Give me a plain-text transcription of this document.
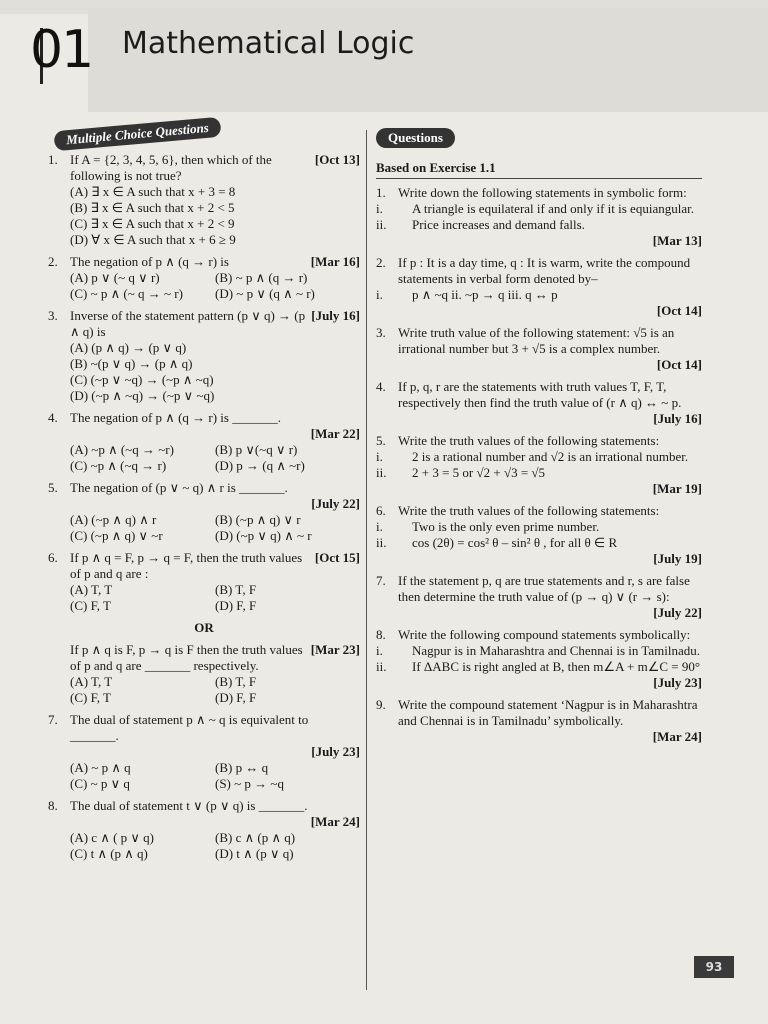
01 Mathematical Logic
Multiple Choice Questions	Questions
1.	[Oct 13]
If A = {2, 3, 4, 5, 6}, then which of the following is not true?
(A) ∃ x ∈ A such that x + 3 = 8
(B) ∃ x ∈ A such that x + 2 < 5
(C) ∃ x ∈ A such that x + 2 < 9
(D) ∀ x ∈ A such that x + 6 ≥ 9
2.	[Mar 16]
The negation of p ∧ (q → r) is
(A) p ∨ (~ q ∨ r)	(B) ~ p ∧ (q → r)
(C) ~ p ∧ (~ q → ~ r)	(D) ~ p ∨ (q ∧ ~ r)
3.	[July 16]
Inverse of the statement pattern (p ∨ q) → (p ∧ q) is
(A) (p ∧ q) → (p ∨ q)
(B) ~(p ∨ q) → (p ∧ q)
(C) (~p ∨ ~q) → (~p ∧ ~q)
(D) (~p ∧ ~q) → (~p ∨ ~q)
4. The negation of p ∧ (q → r) is _______.
[Mar 22]
(A) ~p ∧ (~q → ~r)	(B) p ∨(~q ∨ r)
(C) ~p ∧ (~q → r)	(D) p → (q ∧ ~r)
5. The negation of (p ∨ ~ q) ∧ r is _______.
[July 22]
(A) (~p ∧ q) ∧ r	(B) (~p ∧ q) ∨ r
(C) (~p ∧ q) ∨ ~r	(D) (~p ∨ q) ∧ ~ r
6.	[Oct 15]
If p ∧ q = F, p → q = F, then the truth values of p and q are :
(A) T, T	(B) T, F
(C) F, T	(D) F, F
OR
[Mar 23]
If p ∧ q is F, p → q is F then the truth values of p and q are _______ respectively.
(A) T, T	(B) T, F
(C) F, T	(D) F, F
7. The dual of statement p ∧ ~ q is equivalent to _______.
[July 23]
(A) ~ p ∧ q	(B) p ↔ q
(C) ~ p ∨ q	(S) ~ p → ~q
8. The dual of statement t ∨ (p ∨ q) is _______.
[Mar 24]
(A) c ∧ ( p ∨ q)	(B) c ∧ (p ∧ q)
(C) t ∧ (p ∧ q)	(D) t ∧ (p ∨ q)
Based on Exercise 1.1
1. Write down the following statements in symbolic form:
i.	A triangle is equilateral if and only if it is equiangular.
ii.	Price increases and demand falls.
[Mar 13]
2. If p : It is a day time, q : It is warm, write the compound statements in verbal form denoted by–
i.	p ∧ ~q ii. ~p → q iii. q ↔ p
[Oct 14]
3. Write truth value of the following statement: √5 is an irrational number but 3 + √5 is a complex number.
[Oct 14]
4. If p, q, r are the statements with truth values T, F, T, respectively then find the truth value of (r ∧ q) ↔ ~ p.
[July 16]
5. Write the truth values of the following statements:
i.	2 is a rational number and √2 is an irrational number.
ii.	2 + 3 = 5 or √2 + √3 = √5
[Mar 19]
6. Write the truth values of the following statements:
i.	Two is the only even prime number.
ii.	cos (2θ) = cos² θ – sin² θ , for all θ ∈ R
[July 19]
7. If the statement p, q are true statements and r, s are false then determine the truth value of (p → q) ∨ (r → s):
[July 22]
8. Write the following compound statements symbolically:
i.	Nagpur is in Maharashtra and Chennai is in Tamilnadu.
ii.	If ΔABC is right angled at B, then m∠A + m∠C = 90°
[July 23]
9. Write the compound statement ‘Nagpur is in Maharashtra and Chennai is in Tamilnadu’ symbolically.
[Mar 24]
93
